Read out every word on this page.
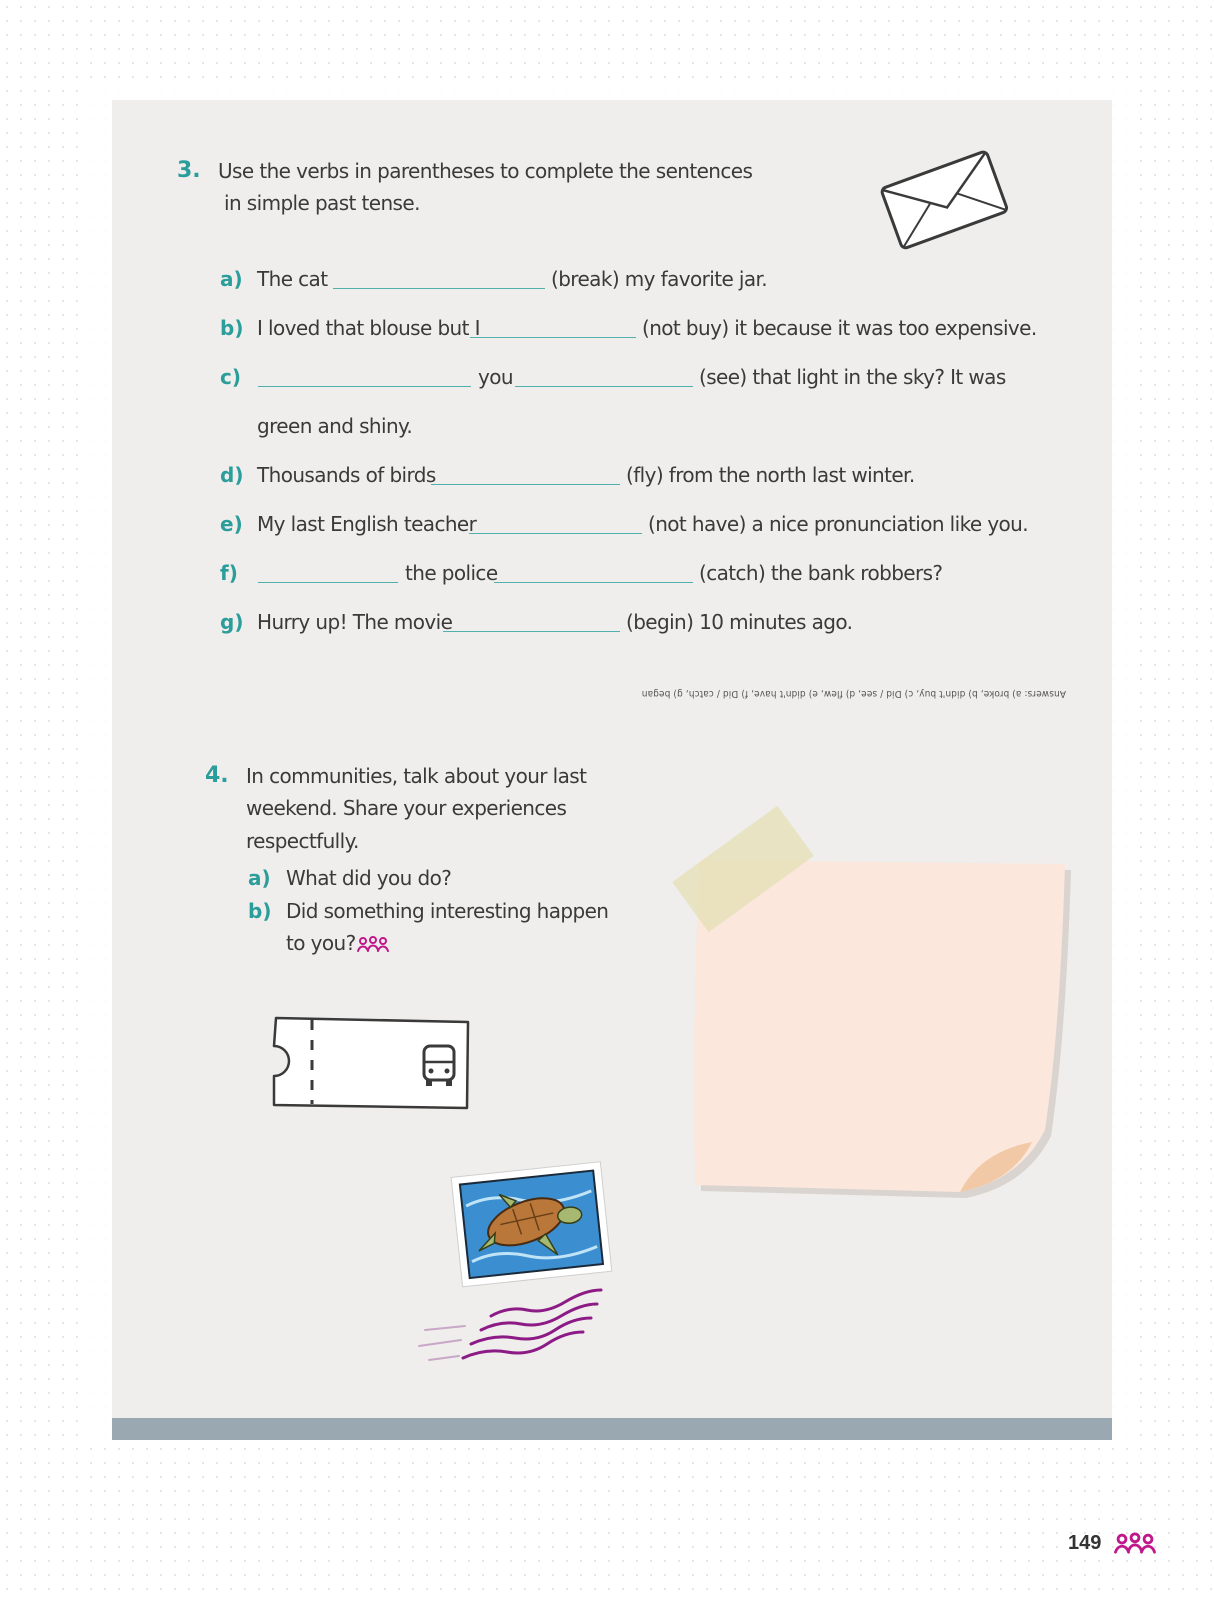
3. Use the verbs in parentheses to complete the sentences
in simple past tense.
a) The cat	(break) my favorite jar.
b) I loved that blouse but I	(not buy) it because it was too expensive.
c)	you	(see) that light in the sky? It was
green and shiny.
d) Thousands of birds	(fly) from the north last winter.
e) My last English teacher	(not have) a nice pronunciation like you.
f)	the police	(catch) the bank robbers?
g) Hurry up! The movie	(begin) 10 minutes ago.
Answers: a) broke, b) didn't buy, c) Did / see, d) flew, e) didn't have, f) Did / catch, g) began
4. In communities, talk about your last
weekend. Share your experiences
respectfully.
a) What did you do?
b) Did something interesting happen
to you?
149
